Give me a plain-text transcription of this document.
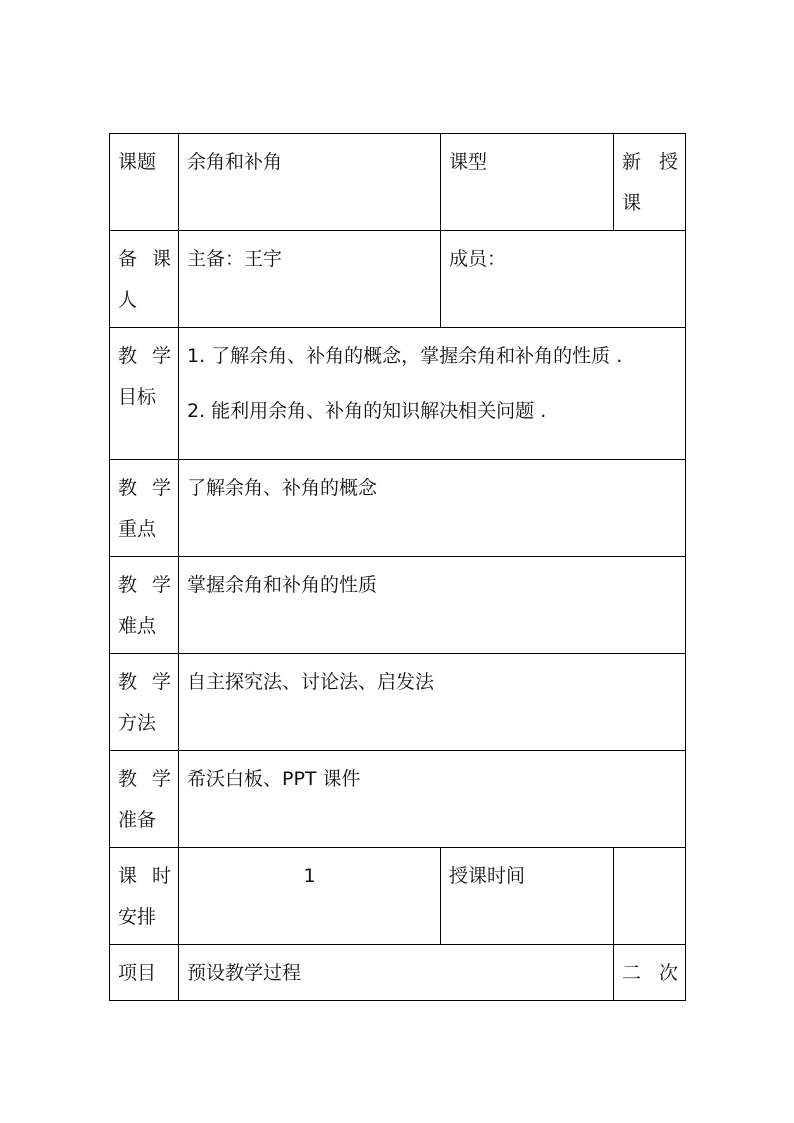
课题	余角和补角	课型	新 授
课

备 课
人	主备：王宇	成员：	

教 学
目标	1. 了解余角、补角的概念，掌握余角和补角的性质 .
2. 能利用余角、补角的知识解决相关问题 .		

教 学
重点	了解余角、补角的概念		

教 学
难点	掌握余角和补角的性质		

教 学
方法	自主探究法、讨论法、启发法		

教 学
准备	希沃白板、PPT 课件		

课 时
安排	1	授课时间	
项目	预设教学过程		二 次
